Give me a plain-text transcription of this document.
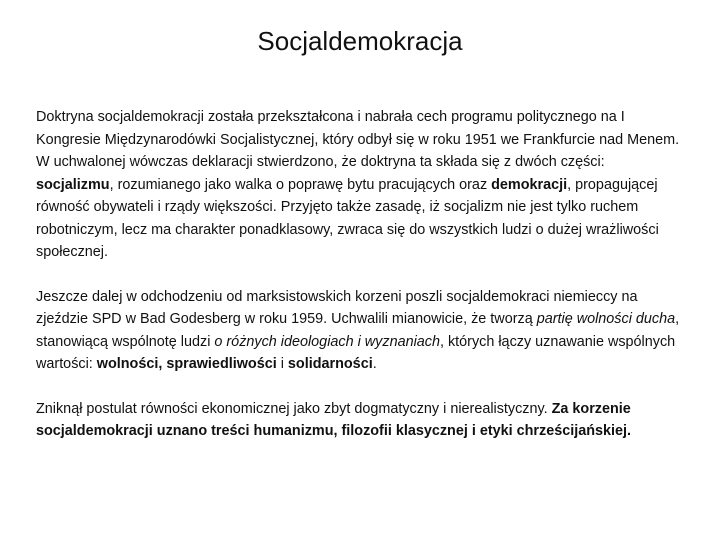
Socjaldemokracja

Doktryna socjaldemokracji została przekształcona i nabrała cech programu politycznego na I Kongresie Międzynarodówki Socjalistycznej, który odbył się w roku 1951 we Frankfurcie nad Menem. W uchwalonej wówczas deklaracji stwierdzono, że doktryna ta składa się z dwóch części: socjalizmu, rozumianego jako walka o poprawę bytu pracujących oraz demokracji, propagującej równość obywateli i rządy większości. Przyjęto także zasadę, iż socjalizm nie jest tylko ruchem robotniczym, lecz ma charakter ponadklasowy, zwraca się do wszystkich ludzi o dużej wrażliwości społecznej.

Jeszcze dalej w odchodzeniu od marksistowskich korzeni poszli socjaldemokraci niemieccy na zjeździe SPD w Bad Godesberg w roku 1959. Uchwalili mianowicie, że tworzą partię wolności ducha, stanowiącą wspólnotę ludzi o różnych ideologiach i wyznaniach, których łączy uznawanie wspólnych wartości: wolności, sprawiedliwości i solidarności.

Zniknął postulat równości ekonomicznej jako zbyt dogmatyczny i nierealistyczny. Za korzenie socjaldemokracji uznano treści humanizmu, filozofii klasycznej i etyki chrześcijańskiej.
